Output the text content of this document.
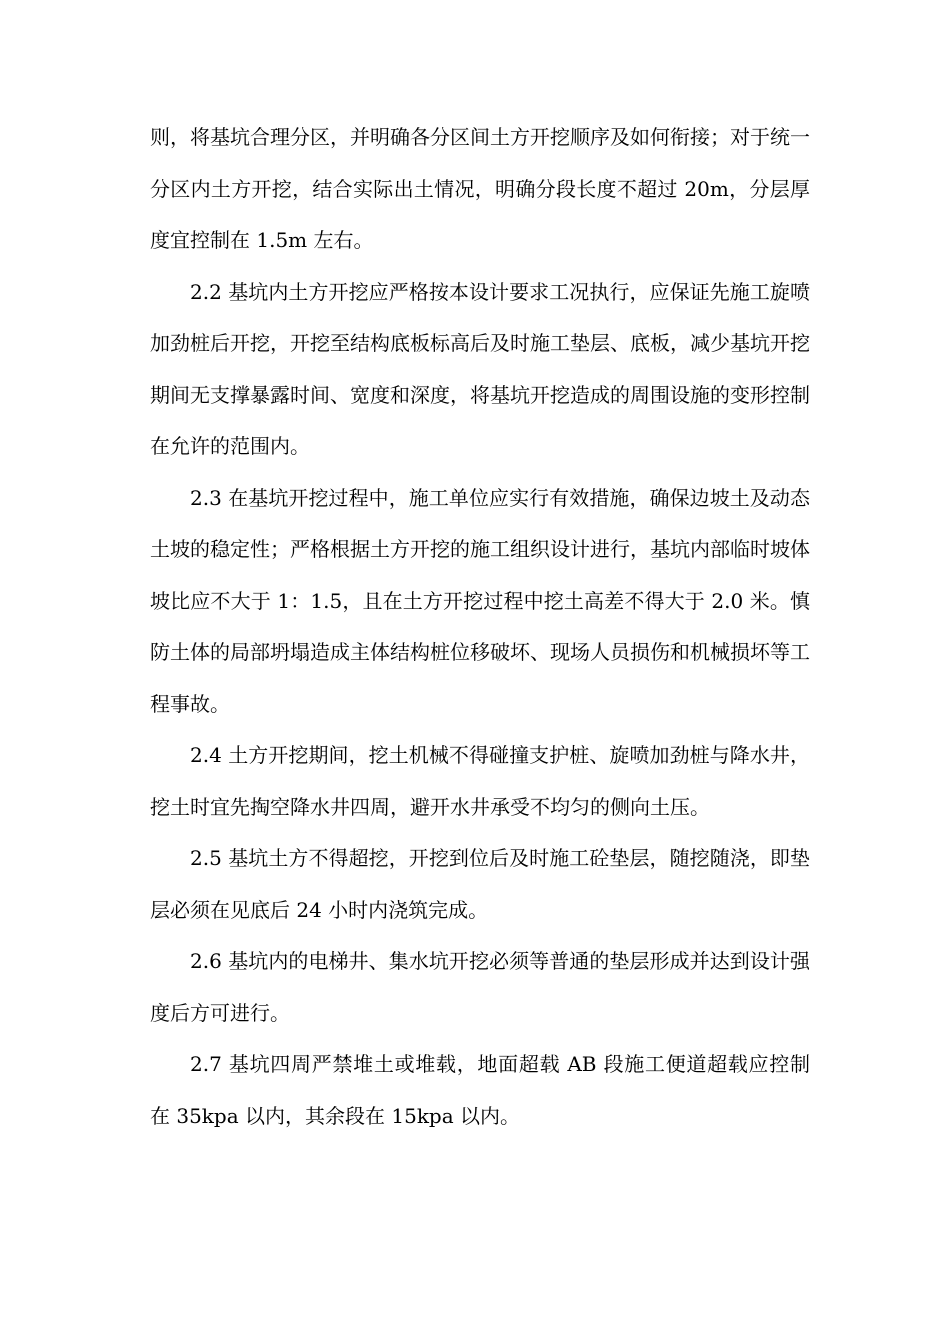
则，将基坑合理分区，并明确各分区间土方开挖顺序及如何衔接；对于统一分区内土方开挖，结合实际出土情况，明确分段长度不超过 20m，分层厚度宜控制在 1.5m 左右。

2.2 基坑内土方开挖应严格按本设计要求工况执行，应保证先施工旋喷加劲桩后开挖，开挖至结构底板标高后及时施工垫层、底板，减少基坑开挖期间无支撑暴露时间、宽度和深度，将基坑开挖造成的周围设施的变形控制在允许的范围内。

2.3 在基坑开挖过程中，施工单位应实行有效措施，确保边坡土及动态土坡的稳定性；严格根据土方开挖的施工组织设计进行，基坑内部临时坡体坡比应不大于 1：1.5，且在土方开挖过程中挖土高差不得大于 2.0 米。慎防土体的局部坍塌造成主体结构桩位移破坏、现场人员损伤和机械损坏等工程事故。

2.4 土方开挖期间，挖土机械不得碰撞支护桩、旋喷加劲桩与降水井，挖土时宜先掏空降水井四周，避开水井承受不均匀的侧向土压。

2.5 基坑土方不得超挖，开挖到位后及时施工砼垫层，随挖随浇，即垫层必须在见底后 24 小时内浇筑完成。

2.6 基坑内的电梯井、集水坑开挖必须等普通的垫层形成并达到设计强度后方可进行。

2.7 基坑四周严禁堆土或堆载，地面超载 AB 段施工便道超载应控制在 35kpa 以内，其余段在 15kpa 以内。
